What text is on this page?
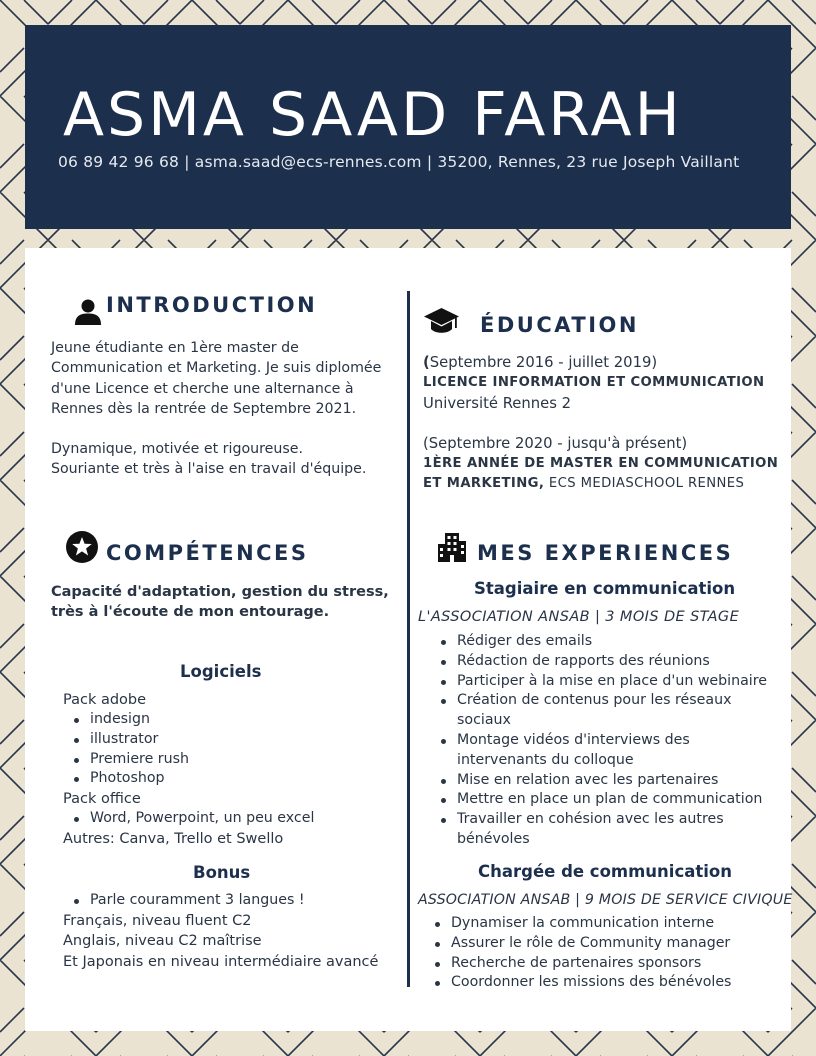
ASMA SAAD FARAH
06 89 42 96 68 | asma.saad@ecs-rennes.com | 35200, Rennes, 23 rue Joseph Vaillant
INTRODUCTION
Jeune étudiante en 1ère master de
Communication et Marketing. Je suis diplomée
d'une Licence et cherche une alternance à
Rennes dès la rentrée de Septembre 2021.
Dynamique, motivée et rigoureuse.
Souriante et très à l'aise en travail d'équipe.
ÉDUCATION
(Septembre 2016 - juillet 2019)
LICENCE INFORMATION ET COMMUNICATION
Université Rennes 2
(Septembre 2020 - jusqu'à présent)
1ÈRE ANNÉE DE MASTER EN COMMUNICATION
ET MARKETING, ECS MEDIASCHOOL RENNES
COMPÉTENCES
Capacité d'adaptation, gestion du stress,
très à l'écoute de mon entourage.
Logiciels
Pack adobe
indesign
illustrator
Premiere rush
Photoshop
Pack office
Word, Powerpoint, un peu excel
Autres: Canva, Trello et Swello
Bonus
Parle couramment 3 langues !
Français, niveau fluent C2
Anglais, niveau C2 maîtrise
Et Japonais en niveau intermédiaire avancé
MES EXPERIENCES
Stagiaire en communication
L'ASSOCIATION ANSAB | 3 MOIS DE STAGE
Rédiger des emails
Rédaction de rapports des réunions
Participer à la mise en place d'un webinaire
Création de contenus pour les réseaux
sociaux
Montage vidéos d'interviews des
intervenants du colloque
Mise en relation avec les partenaires
Mettre en place un plan de communication
Travailler en cohésion avec les autres
bénévoles
Chargée de communication
ASSOCIATION ANSAB | 9 MOIS DE SERVICE CIVIQUE
Dynamiser la communication interne
Assurer le rôle de Community manager
Recherche de partenaires sponsors
Coordonner les missions des bénévoles
